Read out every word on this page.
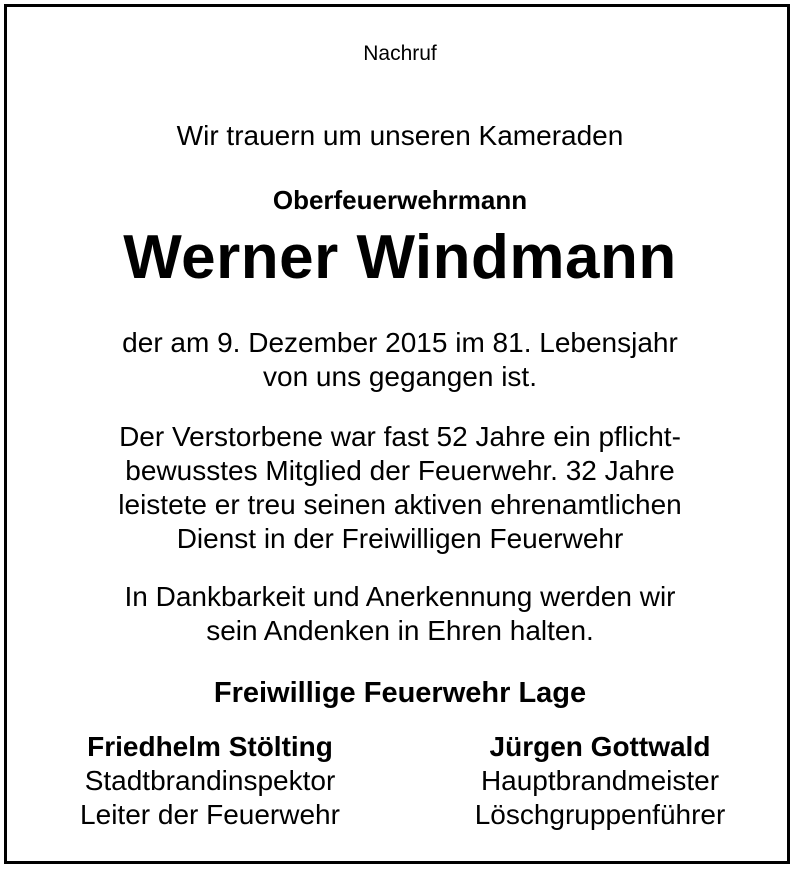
Nachruf
Wir trauern um unseren Kameraden
Oberfeuerwehrmann
Werner Windmann
der am 9. Dezember 2015 im 81. Lebensjahr
von uns gegangen ist.
Der Verstorbene war fast 52 Jahre ein pflicht-
bewusstes Mitglied der Feuerwehr. 32 Jahre
leistete er treu seinen aktiven ehrenamtlichen
Dienst in der Freiwilligen Feuerwehr
In Dankbarkeit und Anerkennung werden wir
sein Andenken in Ehren halten.
Freiwillige Feuerwehr Lage
Friedhelm Stölting
Stadtbrandinspektor
Leiter der Feuerwehr
Jürgen Gottwald
Hauptbrandmeister
Löschgruppenführer
